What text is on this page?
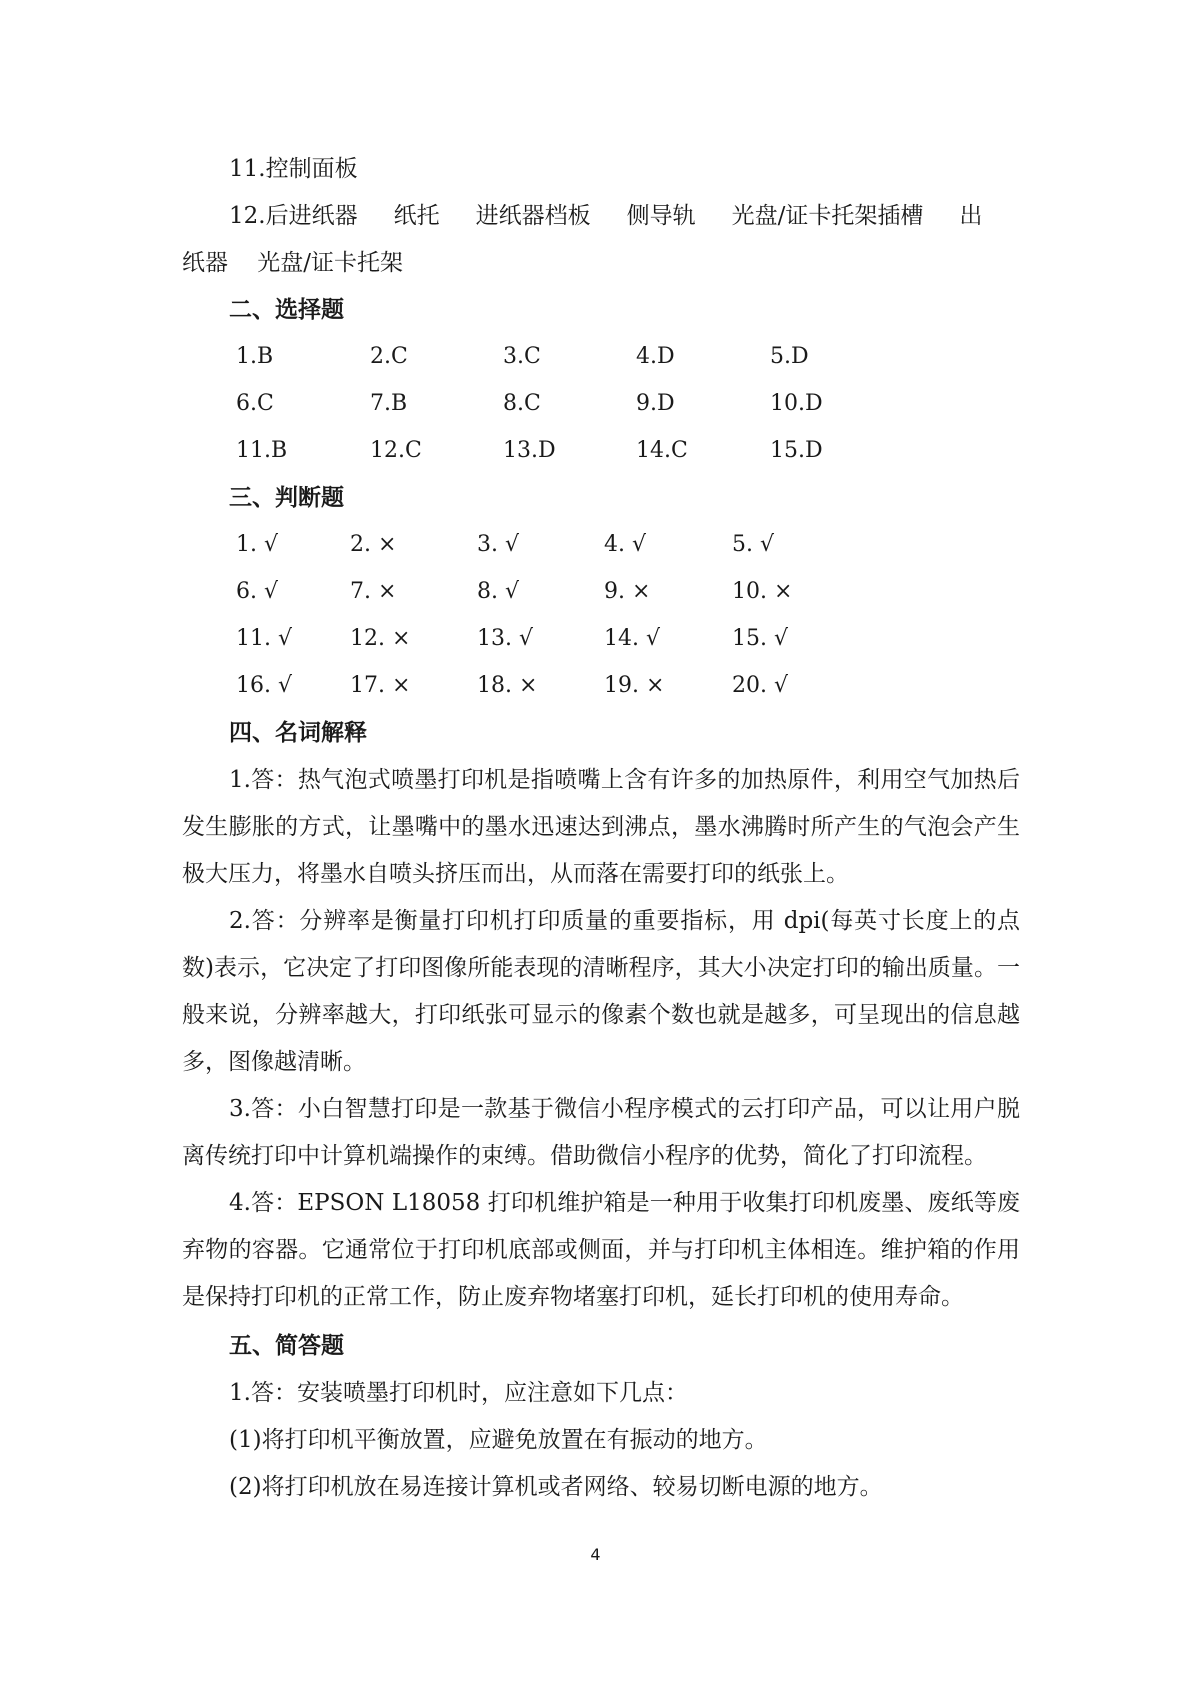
11.控制面板
12.后进纸器 纸托 进纸器档板 侧导轨 光盘/证卡托架插槽 出
纸器    光盘/证卡托架
二、选择题
1.B	2.C	3.C	4.D	5.D
6.C	7.B	8.C	9.D	10.D
11.B	12.C	13.D	14.C	15.D
三、判断题
1. √	2. ×	3. √	4. √	5. √
6. √	7. ×	8. √	9. ×	10. ×
11. √	12. ×	13. √	14. √	15. √
16. √	17. ×	18. ×	19. ×	20. √
四、名词解释
1.答：热气泡式喷墨打印机是指喷嘴上含有许多的加热原件，利用空气加热后发生膨胀的方式，让墨嘴中的墨水迅速达到沸点，墨水沸腾时所产生的气泡会产生极大压力，将墨水自喷头挤压而出，从而落在需要打印的纸张上。
2.答：分辨率是衡量打印机打印质量的重要指标，用 dpi(每英寸长度上的点数)表示，它决定了打印图像所能表现的清晰程序，其大小决定打印的输出质量。一般来说，分辨率越大，打印纸张可显示的像素个数也就是越多，可呈现出的信息越多，图像越清晰。
3.答：小白智慧打印是一款基于微信小程序模式的云打印产品，可以让用户脱离传统打印中计算机端操作的束缚。借助微信小程序的优势，简化了打印流程。
4.答：EPSON L18058 打印机维护箱是一种用于收集打印机废墨、废纸等废弃物的容器。它通常位于打印机底部或侧面，并与打印机主体相连。维护箱的作用是保持打印机的正常工作，防止废弃物堵塞打印机，延长打印机的使用寿命。
五、简答题
1.答：安装喷墨打印机时，应注意如下几点：
(1)将打印机平衡放置，应避免放置在有振动的地方。
(2)将打印机放在易连接计算机或者网络、较易切断电源的地方。
4
